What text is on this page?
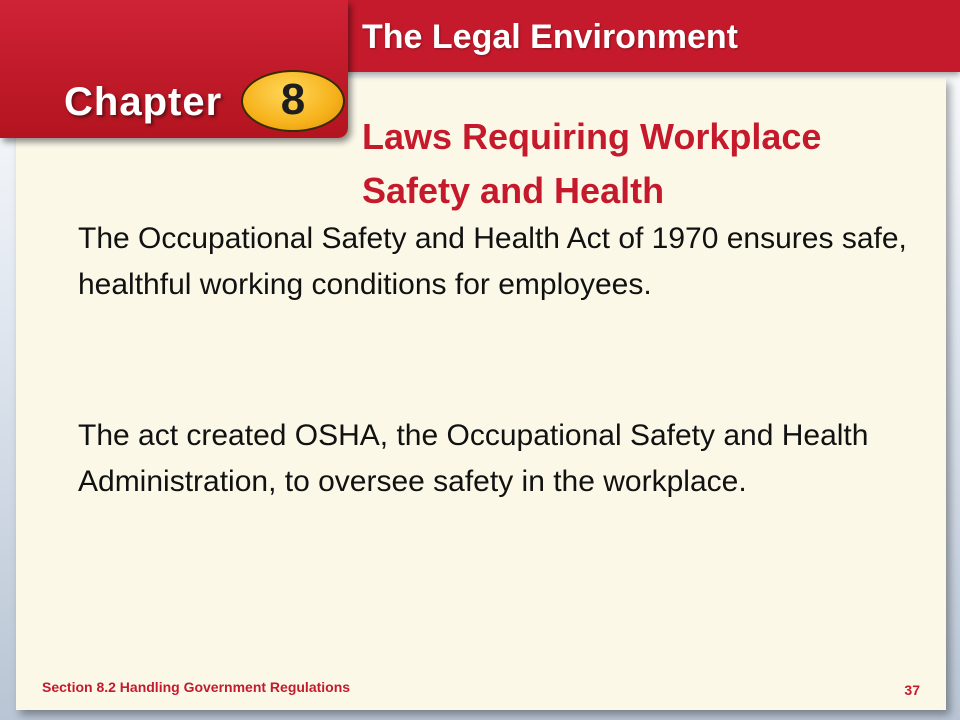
The Legal Environment
Chapter	8
Laws Requiring Workplace
Safety and Health

The Occupational Safety and Health Act of 1970 ensures safe, healthful working conditions for employees.

The act created OSHA, the Occupational Safety and Health Administration, to oversee safety in the workplace.

Section 8.2 Handling Government Regulations	37
